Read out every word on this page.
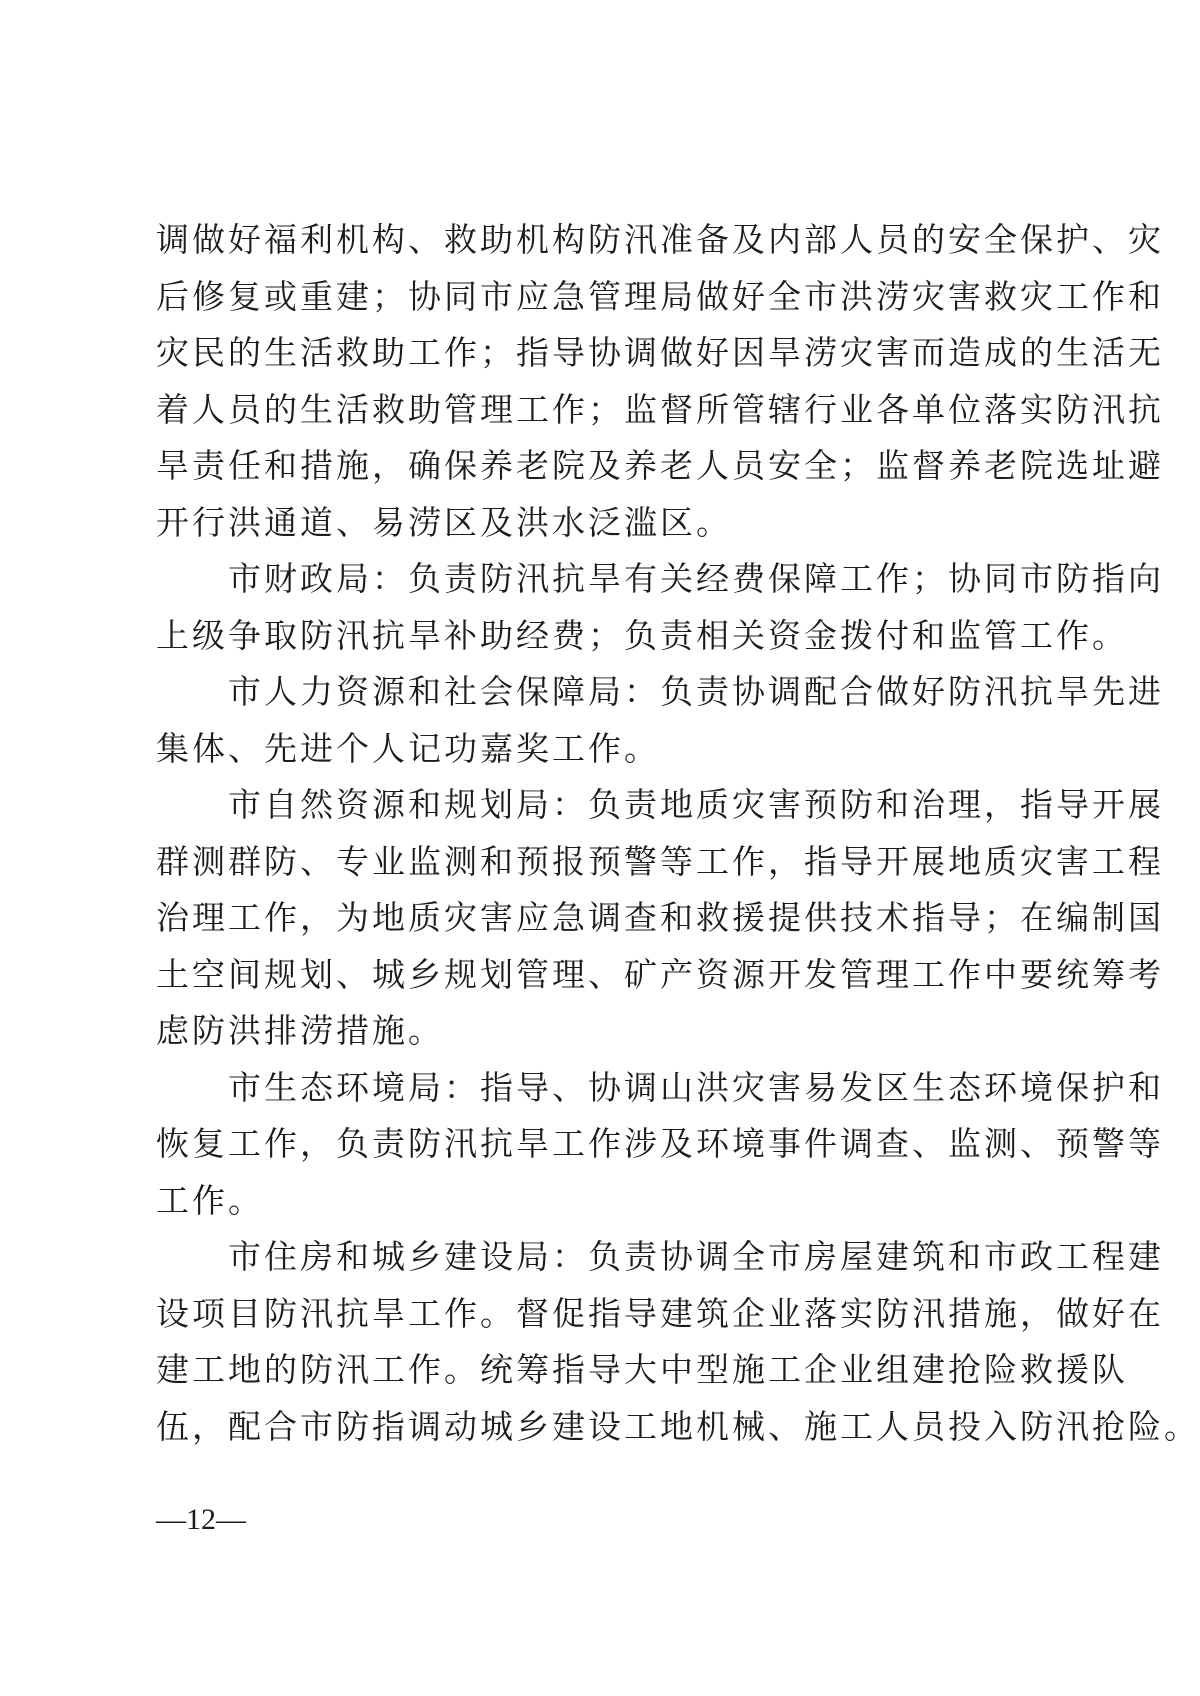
调做好福利机构、救助机构防汛准备及内部人员的安全保护、灾
后修复或重建；协同市应急管理局做好全市洪涝灾害救灾工作和
灾民的生活救助工作；指导协调做好因旱涝灾害而造成的生活无
着人员的生活救助管理工作；监督所管辖行业各单位落实防汛抗
旱责任和措施，确保养老院及养老人员安全；监督养老院选址避
开行洪通道、易涝区及洪水泛滥区。
　　市财政局：负责防汛抗旱有关经费保障工作；协同市防指向
上级争取防汛抗旱补助经费；负责相关资金拨付和监管工作。
　　市人力资源和社会保障局：负责协调配合做好防汛抗旱先进
集体、先进个人记功嘉奖工作。
　　市自然资源和规划局：负责地质灾害预防和治理，指导开展
群测群防、专业监测和预报预警等工作，指导开展地质灾害工程
治理工作，为地质灾害应急调查和救援提供技术指导；在编制国
土空间规划、城乡规划管理、矿产资源开发管理工作中要统筹考
虑防洪排涝措施。
　　市生态环境局：指导、协调山洪灾害易发区生态环境保护和
恢复工作，负责防汛抗旱工作涉及环境事件调查、监测、预警等
工作。
　　市住房和城乡建设局：负责协调全市房屋建筑和市政工程建
设项目防汛抗旱工作。督促指导建筑企业落实防汛措施，做好在
建工地的防汛工作。统筹指导大中型施工企业组建抢险救援队
伍，配合市防指调动城乡建设工地机械、施工人员投入防汛抢险。
—12—
